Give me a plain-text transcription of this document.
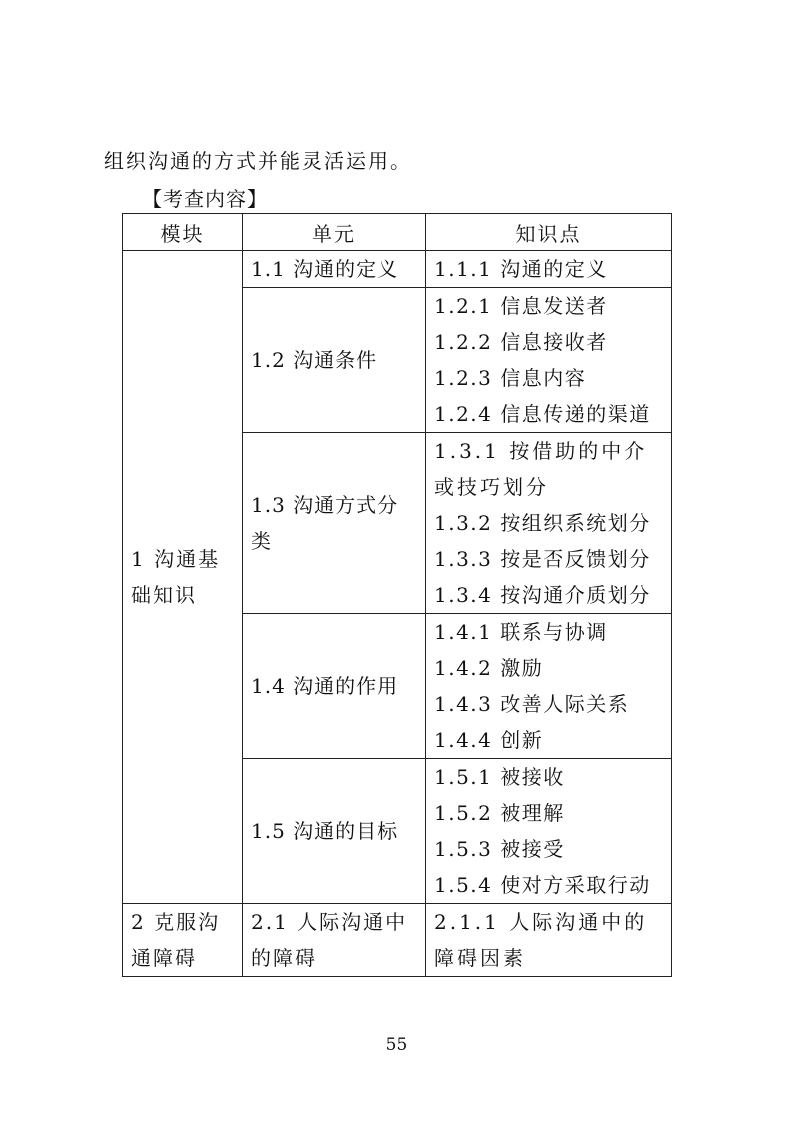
组织沟通的方式并能灵活运用。
【考查内容】
模块	单元	知识点

1 沟通基础知识	1.1 沟通的定义	1.1.1 沟通的定义

	1.2 沟通条件	1.2.1 信息发送者
1.2.2 信息接收者
1.2.3 信息内容
1.2.4 信息传递的渠道

	1.3 沟通方式分类	1.3.1 按借助的中介或技巧划分
1.3.2 按组织系统划分
1.3.3 按是否反馈划分
1.3.4 按沟通介质划分

	1.4 沟通的作用	1.4.1 联系与协调
1.4.2 激励
1.4.3 改善人际关系
1.4.4 创新

	1.5 沟通的目标	1.5.1 被接收
1.5.2 被理解
1.5.3 被接受
1.5.4 使对方采取行动

2 克服沟通障碍	2.1 人际沟通中的障碍	2.1.1 人际沟通中的障碍因素
55
